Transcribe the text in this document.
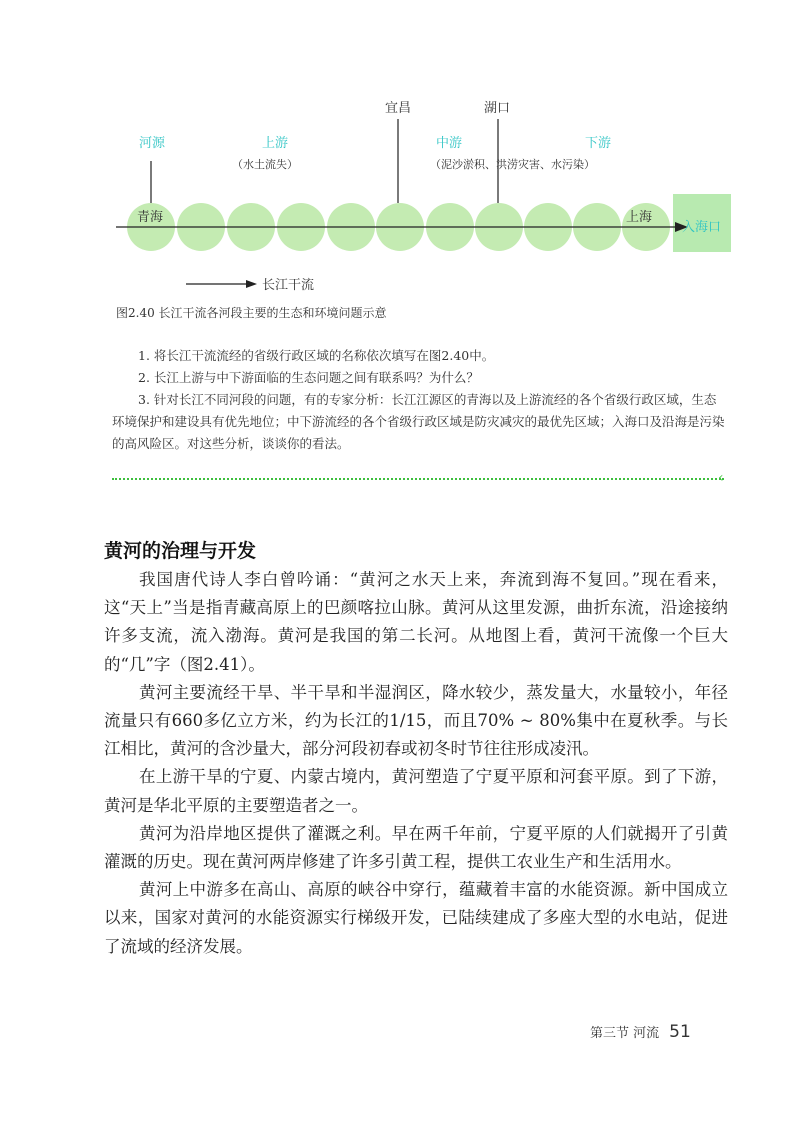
宜昌	湖口
河源	上游
（水土流失）
中游	下游
（泥沙淤积、洪涝灾害、水污染）
青海	上海
入海口
长江干流
图2.40 长江干流各河段主要的生态和环境问题示意

1. 将长江干流流经的省级行政区域的名称依次填写在图2.40中。

2. 长江上游与中下游面临的生态问题之间有联系吗？为什么？

3. 针对长江不同河段的问题，有的专家分析：长江江源区的青海以及上游流经的各个省级行政区域，生态环境保护和建设具有优先地位；中下游流经的各个省级行政区域是防灾减灾的最优先区域；入海口及沿海是污染的高风险区。对这些分析，谈谈你的看法。

‹
黄河的治理与开发

我国唐代诗人李白曾吟诵：“黄河之水天上来，奔流到海不复回。”现在看来，这“天上”当是指青藏高原上的巴颜喀拉山脉。黄河从这里发源，曲折东流，沿途接纳许多支流，流入渤海。黄河是我国的第二长河。从地图上看，黄河干流像一个巨大的“几”字（图2.41）。

黄河主要流经干旱、半干旱和半湿润区，降水较少，蒸发量大，水量较小，年径流量只有660多亿立方米，约为长江的1/15，而且70% ~ 80%集中在夏秋季。与长江相比，黄河的含沙量大，部分河段初春或初冬时节往往形成凌汛。

在上游干旱的宁夏、内蒙古境内，黄河塑造了宁夏平原和河套平原。到了下游，黄河是华北平原的主要塑造者之一。

黄河为沿岸地区提供了灌溉之利。早在两千年前，宁夏平原的人们就揭开了引黄灌溉的历史。现在黄河两岸修建了许多引黄工程，提供工农业生产和生活用水。

黄河上中游多在高山、高原的峡谷中穿行，蕴藏着丰富的水能资源。新中国成立以来，国家对黄河的水能资源实行梯级开发，已陆续建成了多座大型的水电站，促进了流域的经济发展。

第三节 河流 51
